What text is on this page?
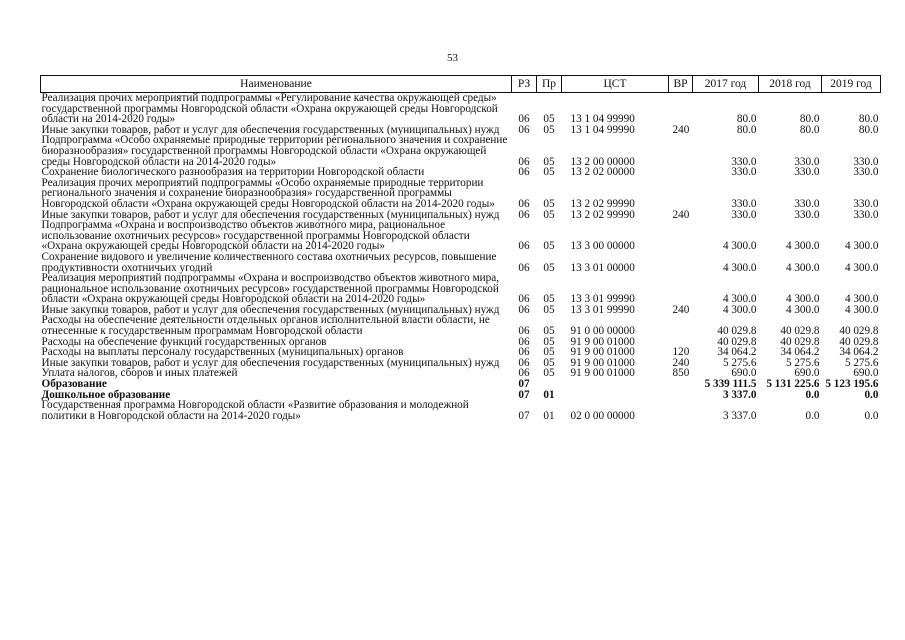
53
Наименование	РЗ	Пр	ЦСТ	ВР	2017 год	2018 год	2019 год
Реализация прочих мероприятий подпрограммы «Регулирование качества окружающей среды» государственной программы Новгородской области «Охрана окружающей среды Новгородской области на 2014-2020 годы»	06	05	13 1 04 99990		80.0	80.0	80.0
Иные закупки товаров, работ и услуг для обеспечения государственных (муниципальных) нужд	06	05	13 1 04 99990	240	80.0	80.0	80.0
Подпрограмма «Особо охраняемые природные территории регионального значения и сохранение биоразнообразия» государственной программы Новгородской области «Охрана окружающей среды Новгородской области на 2014-2020 годы»	06	05	13 2 00 00000		330.0	330.0	330.0
Сохранение биологического разнообразия на территории Новгородской области	06	05	13 2 02 00000		330.0	330.0	330.0
Реализация прочих мероприятий подпрограммы «Особо охраняемые природные территории регионального значения и сохранение биоразнообразия» государственной программы Новгородской области «Охрана окружающей среды Новгородской области на 2014-2020 годы»	06	05	13 2 02 99990		330.0	330.0	330.0
Иные закупки товаров, работ и услуг для обеспечения государственных (муниципальных) нужд	06	05	13 2 02 99990	240	330.0	330.0	330.0
Подпрограмма «Охрана и воспроизводство объектов животного мира, рациональное использование охотничьих ресурсов» государственной программы Новгородской области «Охрана окружающей среды Новгородской области на 2014-2020 годы»	06	05	13 3 00 00000		4 300.0	4 300.0	4 300.0
Сохранение видового и увеличение количественного состава охотничьих ресурсов, повышение продуктивности охотничьих угодий	06	05	13 3 01 00000		4 300.0	4 300.0	4 300.0
Реализация мероприятий подпрограммы «Охрана и воспроизводство объектов животного мира, рациональное использование охотничьих ресурсов» государственной программы Новгородской области «Охрана окружающей среды Новгородской области на 2014-2020 годы»	06	05	13 3 01 99990		4 300.0	4 300.0	4 300.0
Иные закупки товаров, работ и услуг для обеспечения государственных (муниципальных) нужд	06	05	13 3 01 99990	240	4 300.0	4 300.0	4 300.0
Расходы на обеспечение деятельности отдельных органов исполнительной власти области, не отнесенные к государственным программам Новгородской области	06	05	91 0 00 00000		40 029.8	40 029.8	40 029.8
Расходы на обеспечение функций государственных органов	06	05	91 9 00 01000		40 029.8	40 029.8	40 029.8
Расходы на выплаты персоналу государственных (муниципальных) органов	06	05	91 9 00 01000	120	34 064.2	34 064.2	34 064.2
Иные закупки товаров, работ и услуг для обеспечения государственных (муниципальных) нужд	06	05	91 9 00 01000	240	5 275.6	5 275.6	5 275.6
Уплата налогов, сборов и иных платежей	06	05	91 9 00 01000	850	690.0	690.0	690.0
Образование	07				5 339 111.5	5 131 225.6	5 123 195.6
Дошкольное образование	07	01			3 337.0	0.0	0.0
Государственная программа Новгородской области «Развитие образования и молодежной политики в Новгородской области на 2014-2020 годы»	07	01	02 0 00 00000		3 337.0	0.0	0.0
